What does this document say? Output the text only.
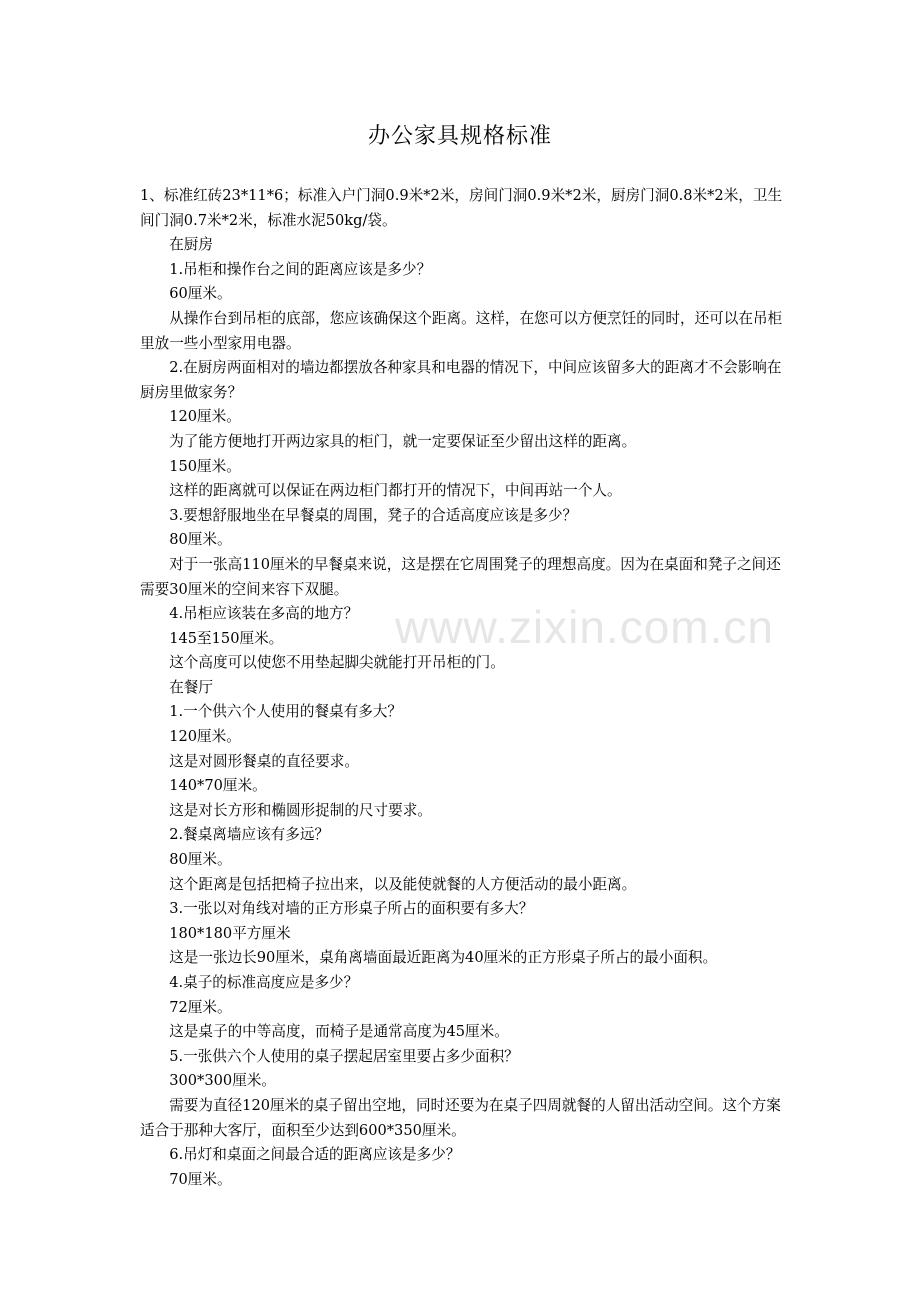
www.zixin.com.cn
办公家具规格标准

1、标准红砖23*11*6；标准入户门洞0.9米*2米，房间门洞0.9米*2米，厨房门洞0.8米*2米，卫生间门洞0.7米*2米，标准水泥50kg/袋。

在厨房

1.吊柜和操作台之间的距离应该是多少？

60厘米。

从操作台到吊柜的底部，您应该确保这个距离。这样，在您可以方便烹饪的同时，还可以在吊柜里放一些小型家用电器。

2.在厨房两面相对的墙边都摆放各种家具和电器的情况下，中间应该留多大的距离才不会影响在厨房里做家务？

120厘米。

为了能方便地打开两边家具的柜门，就一定要保证至少留出这样的距离。

150厘米。

这样的距离就可以保证在两边柜门都打开的情况下，中间再站一个人。

3.要想舒服地坐在早餐桌的周围，凳子的合适高度应该是多少？

80厘米。

对于一张高110厘米的早餐桌来说，这是摆在它周围凳子的理想高度。因为在桌面和凳子之间还需要30厘米的空间来容下双腿。

4.吊柜应该装在多高的地方？

145至150厘米。

这个高度可以使您不用垫起脚尖就能打开吊柜的门。

在餐厅

1.一个供六个人使用的餐桌有多大？

120厘米。

这是对圆形餐桌的直径要求。

140*70厘米。

这是对长方形和椭圆形捉制的尺寸要求。

2.餐桌离墙应该有多远？

80厘米。

这个距离是包括把椅子拉出来，以及能使就餐的人方便活动的最小距离。

3.一张以对角线对墙的正方形桌子所占的面积要有多大？

180*180平方厘米

这是一张边长90厘米，桌角离墙面最近距离为40厘米的正方形桌子所占的最小面积。

4.桌子的标准高度应是多少？

72厘米。

这是桌子的中等高度，而椅子是通常高度为45厘米。

5.一张供六个人使用的桌子摆起居室里要占多少面积？

300*300厘米。

需要为直径120厘米的桌子留出空地，同时还要为在桌子四周就餐的人留出活动空间。这个方案适合于那种大客厅，面积至少达到600*350厘米。

6.吊灯和桌面之间最合适的距离应该是多少？

70厘米。
